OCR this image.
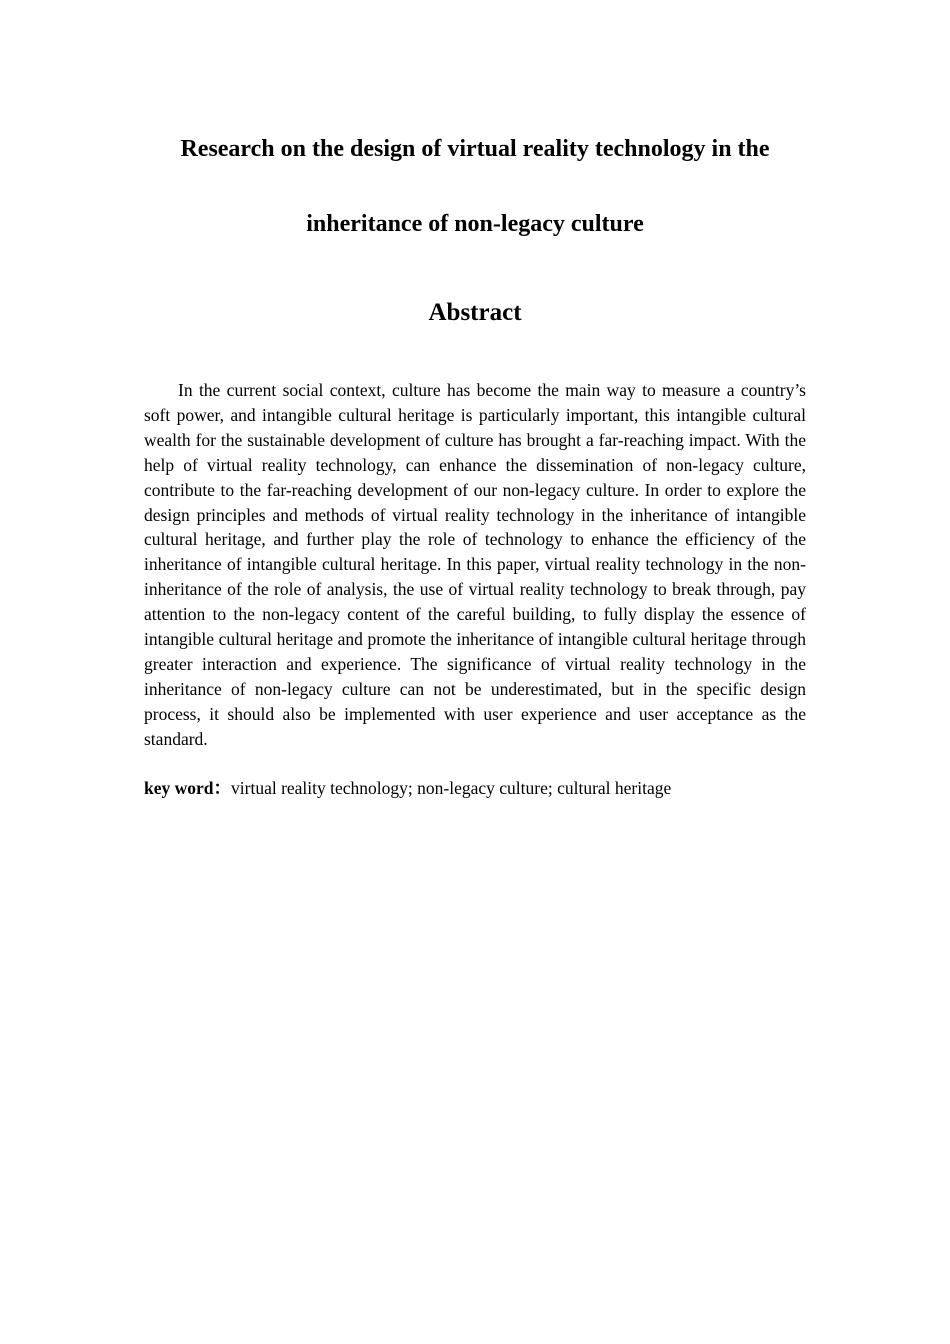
Research on the design of virtual reality technology in the
inheritance of non-legacy culture
Abstract

In the current social context, culture has become the main way to measure a country’s soft power, and intangible cultural heritage is particularly important, this intangible cultural wealth for the sustainable development of culture has brought a far-reaching impact. With the help of virtual reality technology, can enhance the dissemination of non-legacy culture, contribute to the far-reaching development of our non-legacy culture. In order to explore the design principles and methods of virtual reality technology in the inheritance of intangible cultural heritage, and further play the role of technology to enhance the efficiency of the inheritance of intangible cultural heritage. In this paper, virtual reality technology in the non-inheritance of the role of analysis, the use of virtual reality technology to break through, pay attention to the non-legacy content of the careful building, to fully display the essence of intangible cultural heritage and promote the inheritance of intangible cultural heritage through greater interaction and experience. The significance of virtual reality technology in the inheritance of non-legacy culture can not be underestimated, but in the specific design process, it should also be implemented with user experience and user acceptance as the standard.

key word：virtual reality technology; non-legacy culture; cultural heritage
